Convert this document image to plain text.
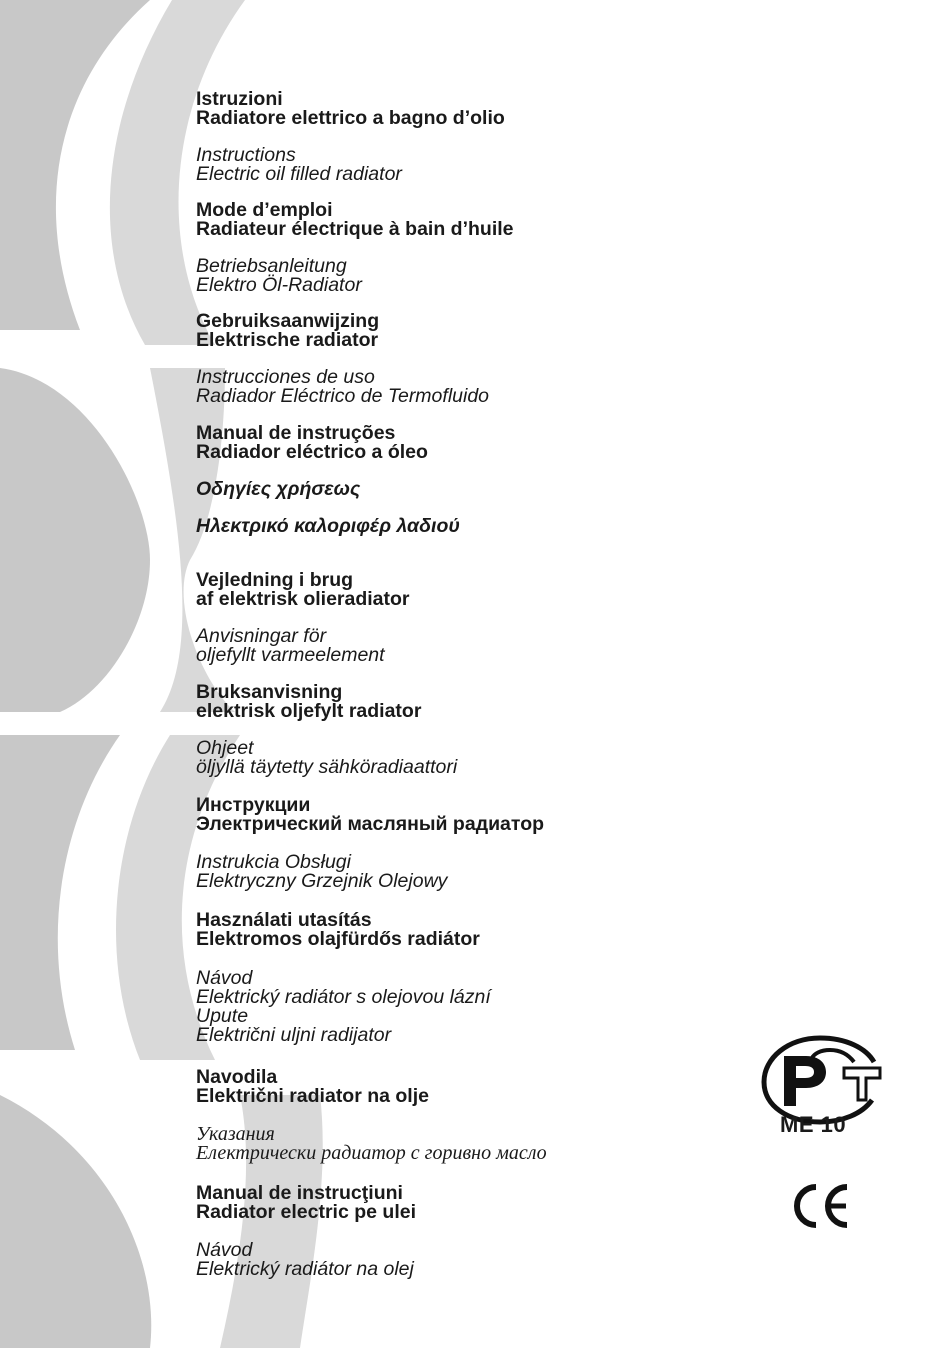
Istruzioni
Radiatore elettrico a bagno d’olio
Instructions
Electric oil filled radiator
Mode d’emploi
Radiateur électrique à bain d’huile
Betriebsanleitung
Elektro Öl-Radiator
Gebruiksaanwijzing
Elektrische radiator
Instrucciones de uso
Radiador Eléctrico de Termofluido
Manual de instruções
Radiador eléctrico a óleo
Οδηγίες χρήσεως
Ηλεκτρικό καλοριφέρ λαδιού
Vejledning i brug
af elektrisk olieradiator
Anvisningar för
oljefyllt varmeelement
Bruksanvisning
elektrisk oljefylt radiator
Ohjeet
öljyllä täytetty sähköradiaattori
Инструкции
Электрический масляный радиатор
Instrukcia Obsługi
Elektryczny Grzejnik Olejowy
Használati utasítás
Elektromos olajfürdős radiátor
Návod
Elektrický radiátor s olejovou lázní
Upute
Električni uljni radijator
Navodila
Električni radiator na olje
Указания
Електрически радиатор с горивно масло
Manual de instrucţiuni
Radiator electric pe ulei
Návod
Elektrický radiátor na olej
ME 10
